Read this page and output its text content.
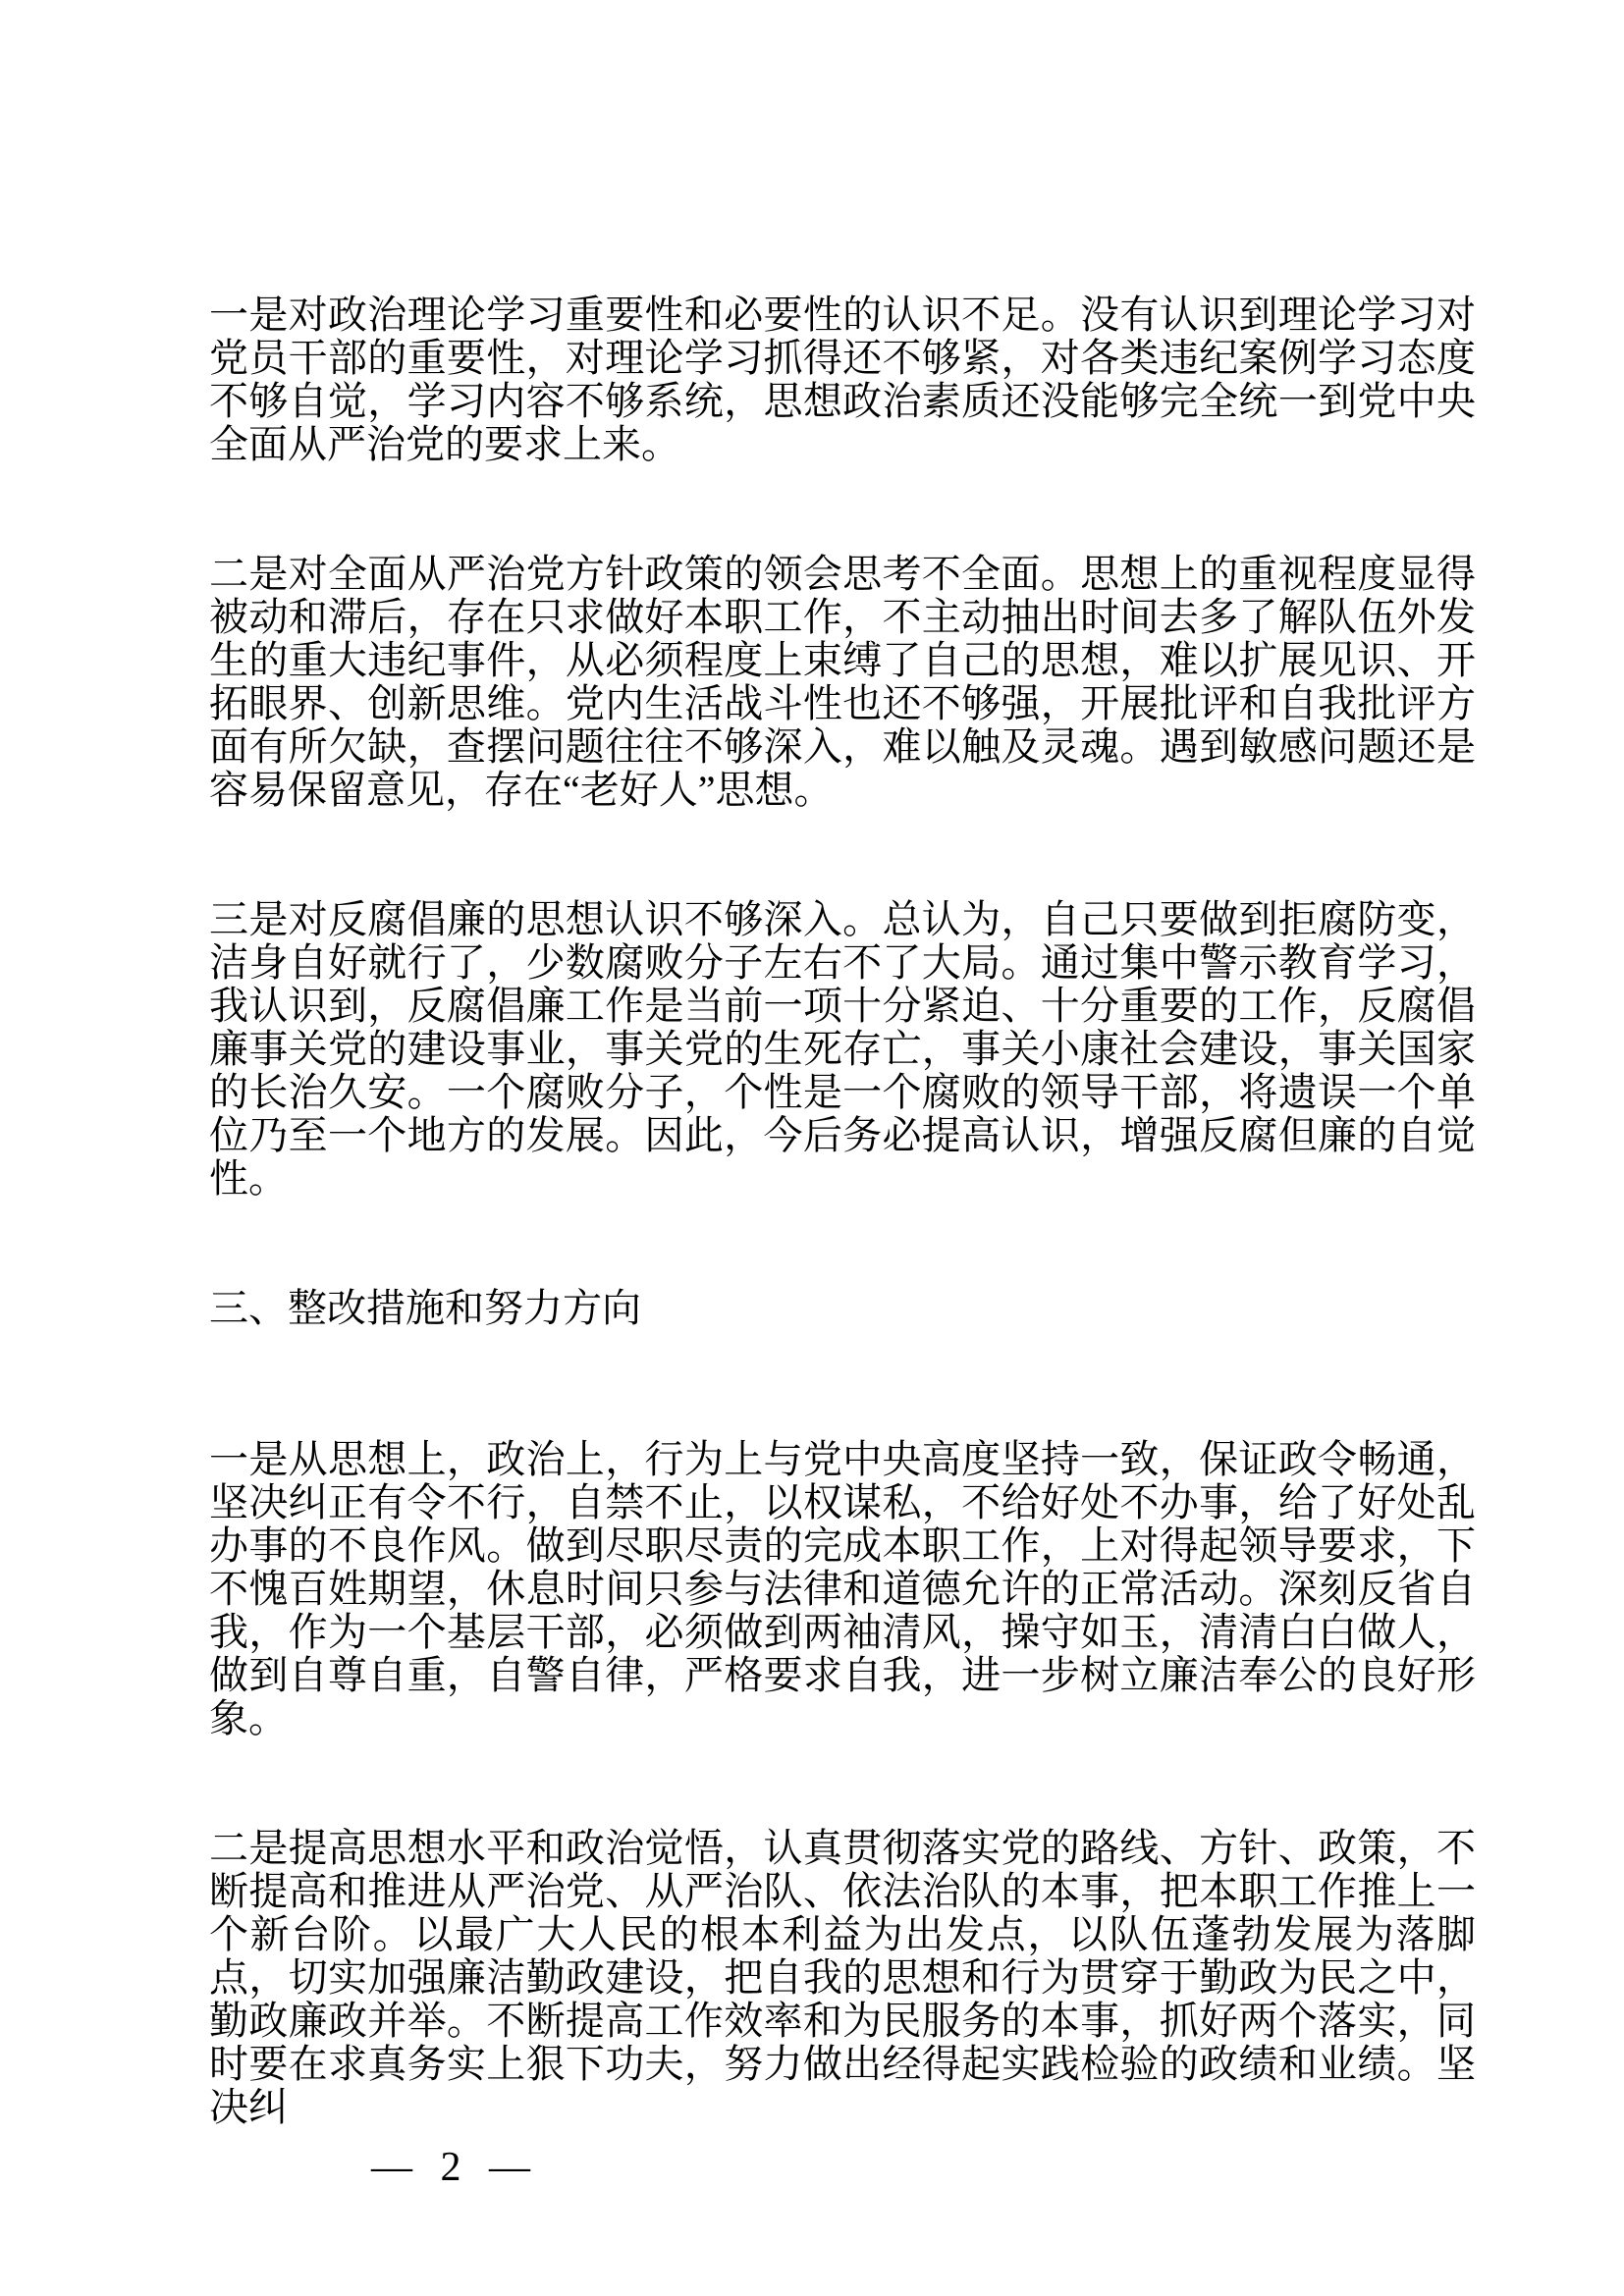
一是对政治理论学习重要性和必要性的认识不足。没有认识到理论学习对党员干部的重要性，对理论学习抓得还不够紧，对各类违纪案例学习态度不够自觉，学习内容不够系统，思想政治素质还没能够完全统一到党中央全面从严治党的要求上来。

二是对全面从严治党方针政策的领会思考不全面。思想上的重视程度显得被动和滞后，存在只求做好本职工作，不主动抽出时间去多了解队伍外发生的重大违纪事件，从必须程度上束缚了自己的思想，难以扩展见识、开拓眼界、创新思维。党内生活战斗性也还不够强，开展批评和自我批评方面有所欠缺，查摆问题往往不够深入，难以触及灵魂。遇到敏感问题还是容易保留意见，存在“老好人”思想。

三是对反腐倡廉的思想认识不够深入。总认为，自己只要做到拒腐防变，洁身自好就行了，少数腐败分子左右不了大局。通过集中警示教育学习，我认识到，反腐倡廉工作是当前一项十分紧迫、十分重要的工作，反腐倡廉事关党的建设事业，事关党的生死存亡，事关小康社会建设，事关国家的长治久安。一个腐败分子，个性是一个腐败的领导干部，将遗误一个单位乃至一个地方的发展。因此，今后务必提高认识，增强反腐但廉的自觉性。

三、整改措施和努力方向

一是从思想上，政治上，行为上与党中央高度坚持一致，保证政令畅通，坚决纠正有令不行，自禁不止，以权谋私，不给好处不办事，给了好处乱办事的不良作风。做到尽职尽责的完成本职工作，上对得起领导要求，下不愧百姓期望，休息时间只参与法律和道德允许的正常活动。深刻反省自我，作为一个基层干部，必须做到两袖清风，操守如玉，清清白白做人，做到自尊自重，自警自律，严格要求自我，进一步树立廉洁奉公的良好形象。

二是提高思想水平和政治觉悟，认真贯彻落实党的路线、方针、政策，不断提高和推进从严治党、从严治队、依法治队的本事，把本职工作推上一个新台阶。以最广大人民的根本利益为出发点，以队伍蓬勃发展为落脚点，切实加强廉洁勤政建设，把自我的思想和行为贯穿于勤政为民之中，勤政廉政并举。不断提高工作效率和为民服务的本事，抓好两个落实，同时要在求真务实上狠下功夫，努力做出经得起实践检验的政绩和业绩。坚决纠

— 2 —
